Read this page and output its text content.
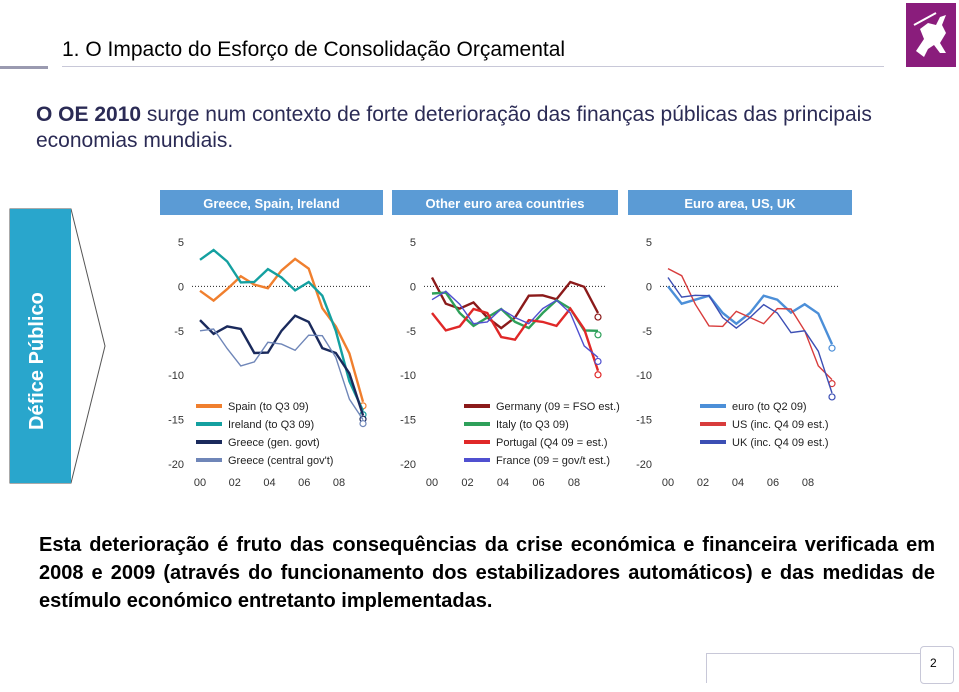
1. O Impacto do Esforço de Consolidação Orçamental
O OE 2010 surge num contexto de forte deterioração das finanças públicas das principais economias mundiais.
Défice Público
Greece, Spain, Ireland
5
0
-5
-10
-15
-20
00 02 04 06 08
Spain (to Q3 09)
Ireland (to Q3 09)
Greece (gen. govt)
Greece (central gov't)
Other euro area countries
5
0
-5
-10
-15
-20
00 02 04 06 08
Germany (09 = FSO est.)
Italy (to Q3 09)
Portugal (Q4 09 = est.)
France (09 = gov/t est.)
Euro area, US, UK
5
0
-5
-10
-15
-20
00 02 04 06 08
euro (to Q2 09)
US (inc. Q4 09 est.)
UK (inc. Q4 09 est.)
Esta deterioração é fruto das consequências da crise económica e financeira verificada em 2008 e 2009 (através do funcionamento dos estabilizadores automáticos) e das medidas de estímulo económico entretanto implementadas.
2
